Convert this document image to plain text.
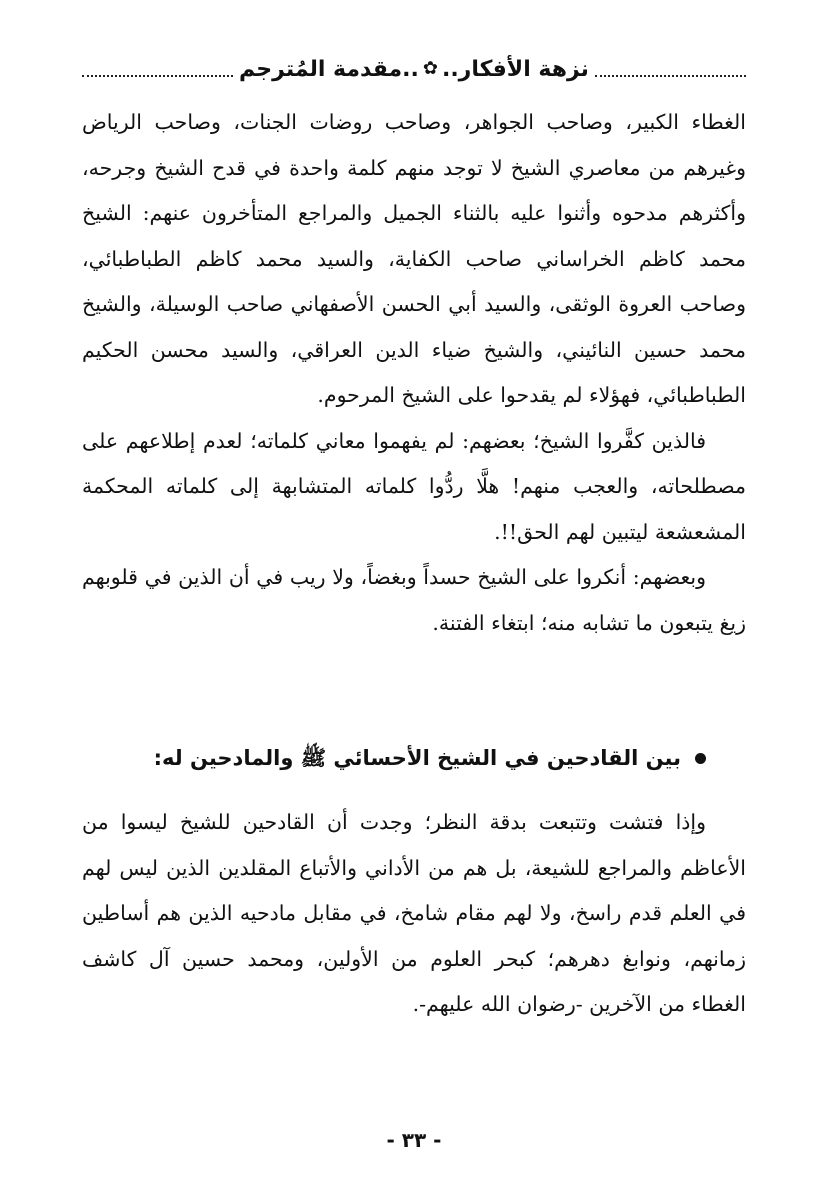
نزهة الأفكار..
✿
..مقدمة المُترجم

الغطاء الكبير، وصاحب الجواهر، وصاحب روضات الجنات، وصاحب الرياض وغيرهم من معاصري الشيخ لا توجد منهم كلمة واحدة في قدح الشيخ وجرحه، وأكثرهم مدحوه وأثنوا عليه بالثناء الجميل والمراجع المتأخرون عنهم: الشيخ محمد كاظم الخراساني صاحب الكفاية، والسيد محمد كاظم الطباطبائي، وصاحب العروة الوثقى، والسيد أبي الحسن الأصفهاني صاحب الوسيلة، والشيخ محمد حسين النائيني، والشيخ ضياء الدين العراقي، والسيد محسن الحكيم الطباطبائي، فهؤلاء لم يقدحوا على الشيخ المرحوم.

فالذين كفَّروا الشيخ؛ بعضهم: لم يفهموا معاني كلماته؛ لعدم إطلاعهم على مصطلحاته، والعجب منهم! هلَّا ردُّوا كلماته المتشابهة إلى كلماته المحكمة المشعشعة ليتبين لهم الحق!!.

وبعضهم: أنكروا على الشيخ حسداً وبغضاً، ولا ريب في أن الذين في قلوبهم زيغ يتبعون ما تشابه منه؛ ابتغاء الفتنة.

بين القادحين في الشيخ الأحسائي ﷺ والمادحين له:

وإذا فتشت وتتبعت بدقة النظر؛ وجدت أن القادحين للشيخ ليسوا من الأعاظم والمراجع للشيعة، بل هم من الأداني والأتباع المقلدين الذين ليس لهم في العلم قدم راسخ، ولا لهم مقام شامخ، في مقابل مادحيه الذين هم أساطين زمانهم، ونوابغ دهرهم؛ كبحر العلوم من الأولين، ومحمد حسين آل كاشف الغطاء من الآخرين -رضوان الله عليهم-.

- ٣٣ -
